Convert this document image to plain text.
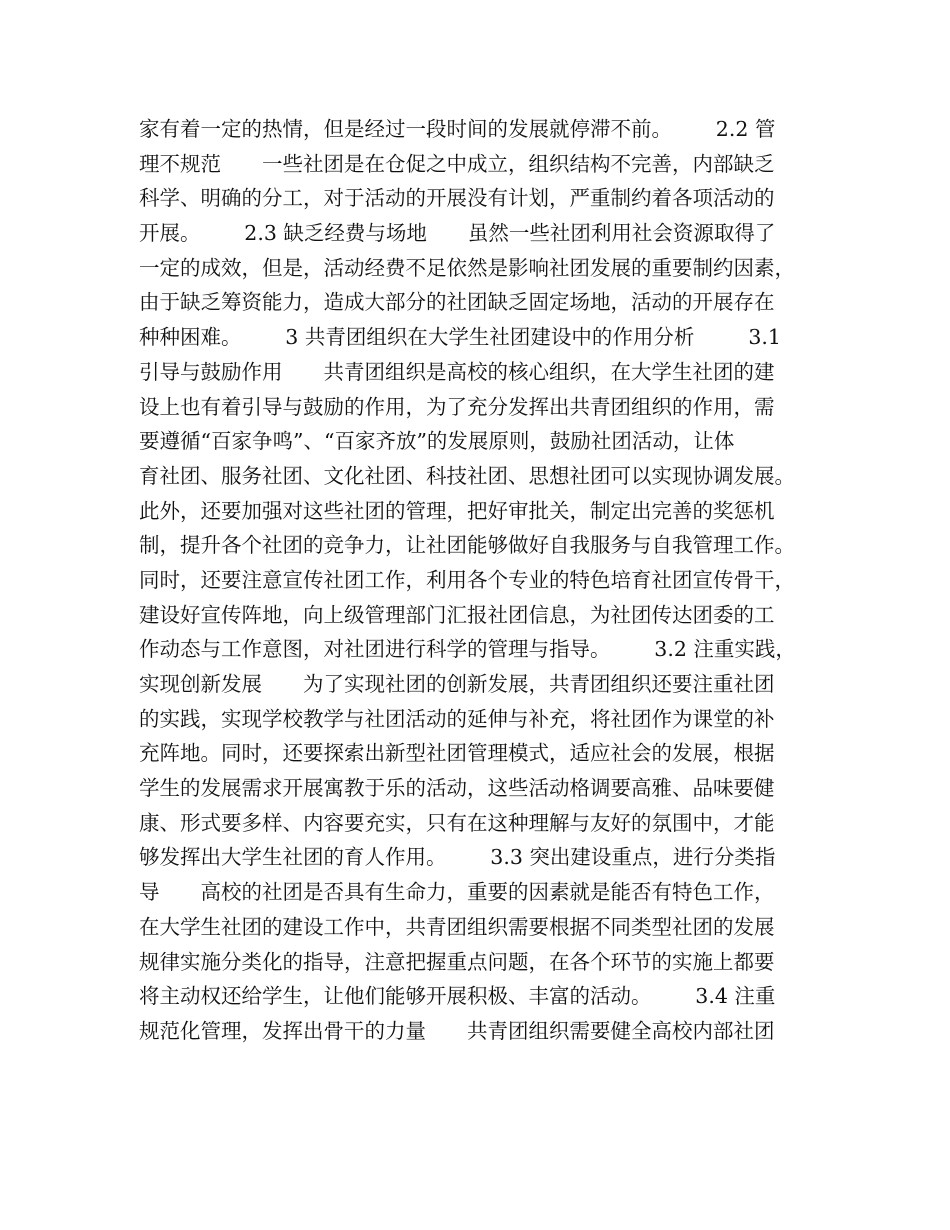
家有着一定的热情，但是经过一段时间的发展就停滞不前。　　  2.2 管
理不规范　　一些社团是在仓促之中成立，组织结构不完善，内部缺乏
科学、明确的分工，对于活动的开展没有计划，严重制约着各项活动的
开展。　　  2.3 缺乏经费与场地　　虽然一些社团利用社会资源取得了
一定的成效，但是，活动经费不足依然是影响社团发展的重要制约因素，
由于缺乏筹资能力，造成大部分的社团缺乏固定场地，活动的开展存在
种种困难。　　  3 共青团组织在大学生社团建设中的作用分析　　  3.1
引导与鼓励作用　　共青团组织是高校的核心组织，在大学生社团的建
设上也有着引导与鼓励的作用，为了充分发挥出共青团组织的作用，需
要遵循“百家争鸣”、“百家齐放”的发展原则，鼓励社团活动，让体
育社团、服务社团、文化社团、科技社团、思想社团可以实现协调发展。
此外，还要加强对这些社团的管理，把好审批关，制定出完善的奖惩机
制，提升各个社团的竞争力，让社团能够做好自我服务与自我管理工作。
同时，还要注意宣传社团工作，利用各个专业的特色培育社团宣传骨干，
建设好宣传阵地，向上级管理部门汇报社团信息，为社团传达团委的工
作动态与工作意图，对社团进行科学的管理与指导。　　  3.2 注重实践，
实现创新发展　　为了实现社团的创新发展，共青团组织还要注重社团
的实践，实现学校教学与社团活动的延伸与补充，将社团作为课堂的补
充阵地。同时，还要探索出新型社团管理模式，适应社会的发展，根据
学生的发展需求开展寓教于乐的活动，这些活动格调要高雅、品味要健
康、形式要多样、内容要充实，只有在这种理解与友好的氛围中，才能
够发挥出大学生社团的育人作用。　　  3.3 突出建设重点，进行分类指
导　　高校的社团是否具有生命力，重要的因素就是能否有特色工作，
在大学生社团的建设工作中，共青团组织需要根据不同类型社团的发展
规律实施分类化的指导，注意把握重点问题，在各个环节的实施上都要
将主动权还给学生，让他们能够开展积极、丰富的活动。　　  3.4 注重
规范化管理，发挥出骨干的力量　　共青团组织需要健全高校内部社团
